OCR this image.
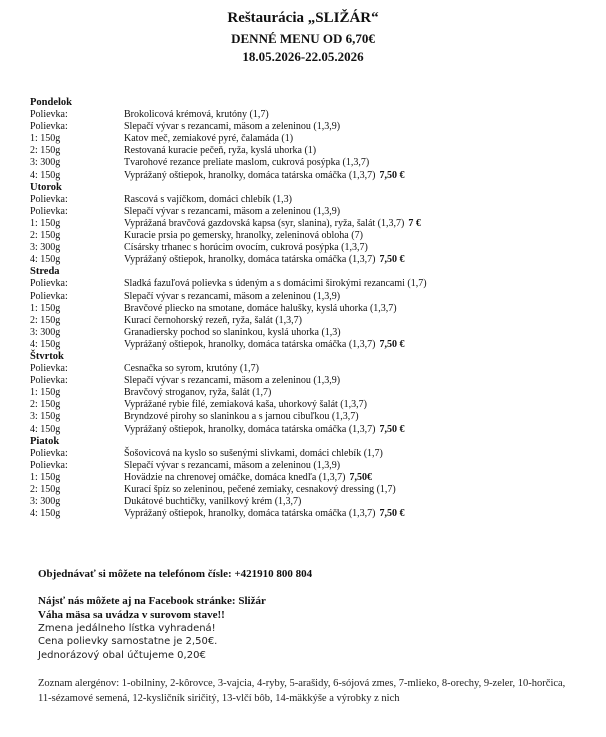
Reštaurácia „SLIŽÁR“
DENNÉ MENU OD 6,70€
18.05.2026-22.05.2026
Pondelok
Polievka:	Brokolicová krémová, krutóny (1,7)
Polievka:	Slepačí vývar s rezancami, mäsom a zeleninou (1,3,9)
1: 150g	Katov meč, zemiakové pyré, čalamáda (1)
2: 150g	Restovaná kuracie pečeň, ryža, kyslá uhorka (1)
3: 300g	Tvarohové rezance preliate maslom, cukrová posýpka (1,3,7)
4: 150g	Vyprážaný oštiepok, hranolky, domáca tatárska omáčka (1,3,7) 7,50 €
Utorok
Polievka:	Rascová s vajíčkom, domáci chlebík (1,3)
Polievka:	Slepačí vývar s rezancami, mäsom a zeleninou (1,3,9)
1: 150g	Vyprážaná bravčová gazdovská kapsa (syr, slanina), ryža, šalát (1,3,7) 7 €
2: 150g	Kuracie prsia po gemersky, hranolky, zeleninová obloha (7)
3: 300g	Císársky trhanec s horúcim ovocím, cukrová posýpka (1,3,7)
4: 150g	Vyprážaný oštiepok, hranolky, domáca tatárska omáčka (1,3,7) 7,50 €
Streda
Polievka:	Sladká fazuľová polievka s údeným a s domácimi širokými rezancami (1,7)
Polievka:	Slepačí vývar s rezancami, mäsom a zeleninou (1,3,9)
1: 150g	Bravčové pliecko na smotane, domáce halušky, kyslá uhorka (1,3,7)
2: 150g	Kurací černohorský rezeň, ryža, šalát (1,3,7)
3: 300g	Granadiersky pochod so slaninkou, kyslá uhorka (1,3)
4: 150g	Vyprážaný oštiepok, hranolky, domáca tatárska omáčka (1,3,7) 7,50 €
Štvrtok
Polievka:	Cesnačka so syrom, krutóny (1,7)
Polievka:	Slepačí vývar s rezancami, mäsom a zeleninou (1,3,9)
1: 150g	Bravčový stroganov, ryža, šalát (1,7)
2: 150g	Vyprážané rybie filé, zemiaková kaša, uhorkový šalát (1,3,7)
3: 150g	Bryndzové pirohy so slaninkou a s jarnou cibuľkou (1,3,7)
4: 150g	Vyprážaný oštiepok, hranolky, domáca tatárska omáčka (1,3,7) 7,50 €
Piatok
Polievka:	Šošovicová na kyslo so sušenými slivkami, domáci chlebík (1,7)
Polievka:	Slepačí vývar s rezancami, mäsom a zeleninou (1,3,9)
1: 150g	Hovädzie na chrenovej omáčke, domáca knedľa (1,3,7) 7,50€
2: 150g	Kurací špíz so zeleninou, pečené zemiaky, cesnakový dressing (1,7)
3: 300g	Dukátové buchtičky, vanilkový krém (1,3,7)
4: 150g	Vyprážaný oštiepok, hranolky, domáca tatárska omáčka (1,3,7) 7,50 €
Objednávať si môžete na telefónom čísle: +421910 800 804
Nájsť nás môžete aj na Facebook stránke: Sližár
Váha mäsa sa uvádza v surovom stave!!
Zmena jedálneho lístka vyhradená!
Cena polievky samostatne je 2,50€.
Jednorázový obal účtujeme 0,20€
Zoznam alergénov: 1-obilniny, 2-kôrovce, 3-vajcia, 4-ryby, 5-arašidy, 6-sójová zmes, 7-mlieko, 8-orechy, 9-zeler, 10-horčica, 11-sézamové semená, 12-kysličník siričitý, 13-vlčí bôb, 14-mäkkýše a výrobky z nich
